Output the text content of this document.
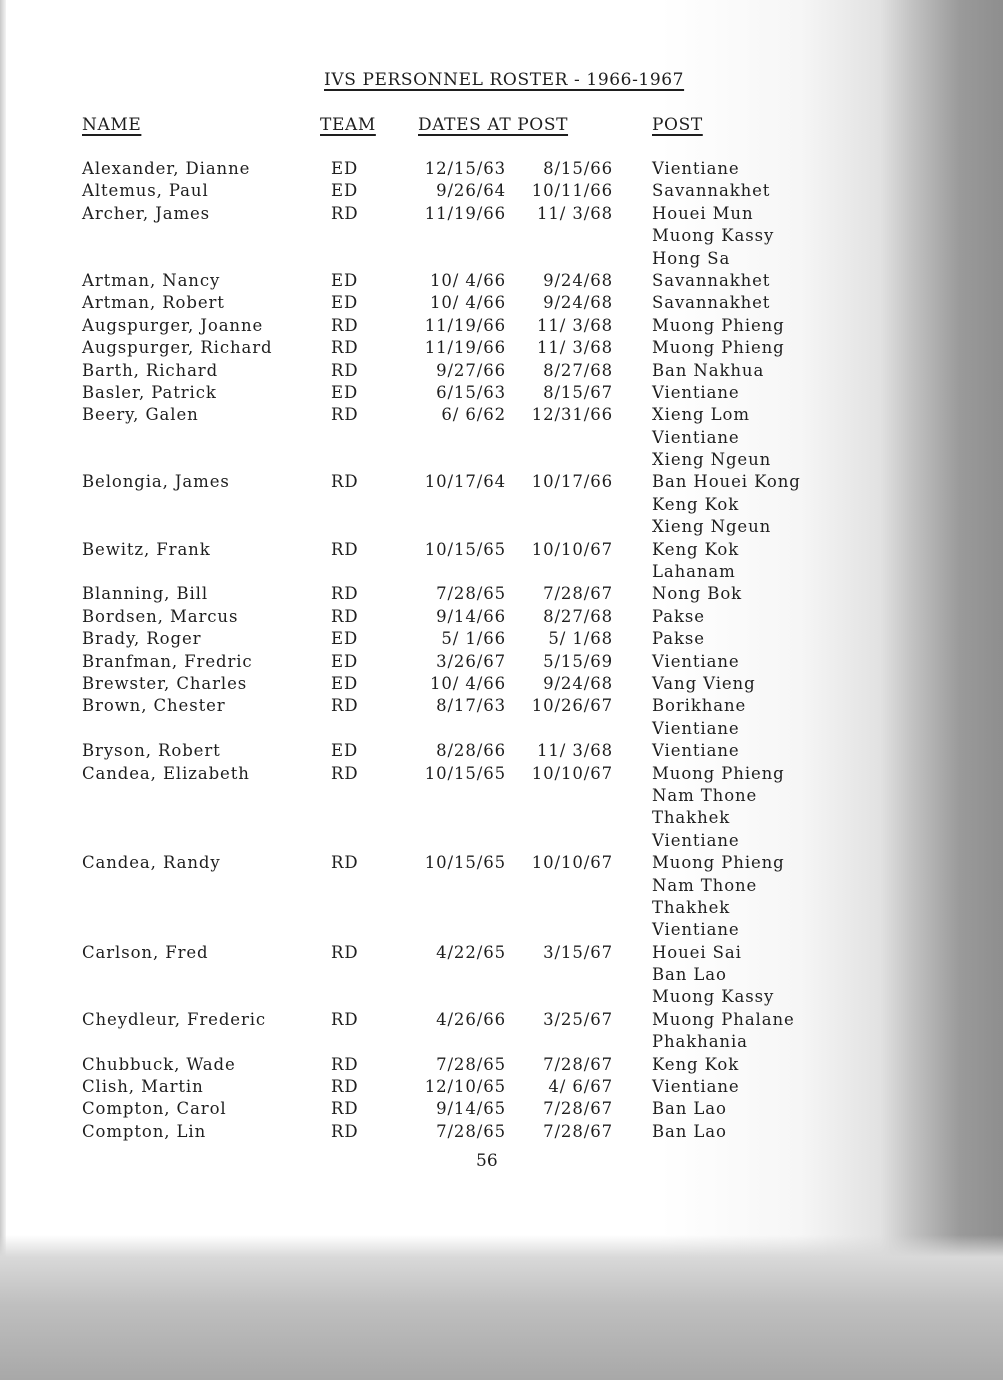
IVS PERSONNEL ROSTER - 1966-1967
NAME	TEAM DATES AT POST	POST
Alexander, Dianne	ED	12/15/63	8/15/66 Vientiane
Altemus, Paul	ED	9/26/64	10/11/66 Savannakhet
Archer, James	RD	11/19/66	11/ 3/68 Houei Mun
Muong Kassy
Hong Sa
Artman, Nancy	ED	10/ 4/66	9/24/68 Savannakhet
Artman, Robert	ED	10/ 4/66	9/24/68 Savannakhet
Augspurger, Joanne	RD	11/19/66	11/ 3/68 Muong Phieng
Augspurger, Richard	RD	11/19/66	11/ 3/68 Muong Phieng
Barth, Richard	RD	9/27/66	8/27/68 Ban Nakhua
Basler, Patrick	ED	6/15/63	8/15/67 Vientiane
Beery, Galen	RD	6/ 6/62	12/31/66 Xieng Lom
Vientiane
Xieng Ngeun
Belongia, James	RD	10/17/64	10/17/66 Ban Houei Kong
Keng Kok
Xieng Ngeun
Bewitz, Frank	RD	10/15/65	10/10/67 Keng Kok
Lahanam
Blanning, Bill	RD	7/28/65	7/28/67 Nong Bok
Bordsen, Marcus	RD	9/14/66	8/27/68 Pakse
Brady, Roger	ED	5/ 1/66	5/ 1/68 Pakse
Branfman, Fredric	ED	3/26/67	5/15/69 Vientiane
Brewster, Charles	ED	10/ 4/66	9/24/68 Vang Vieng
Brown, Chester	RD	8/17/63	10/26/67 Borikhane
Vientiane
Bryson, Robert	ED	8/28/66	11/ 3/68 Vientiane
Candea, Elizabeth	RD	10/15/65	10/10/67 Muong Phieng
Nam Thone
Thakhek
Vientiane
Candea, Randy	RD	10/15/65	10/10/67 Muong Phieng
Nam Thone
Thakhek
Vientiane
Carlson, Fred	RD	4/22/65	3/15/67 Houei Sai
Ban Lao
Muong Kassy
Cheydleur, Frederic	RD	4/26/66	3/25/67 Muong Phalane
Phakhania
Chubbuck, Wade	RD	7/28/65	7/28/67 Keng Kok
Clish, Martin	RD	12/10/65	4/ 6/67 Vientiane
Compton, Carol	RD	9/14/65	7/28/67 Ban Lao
Compton, Lin	RD	7/28/65	7/28/67 Ban Lao
56
